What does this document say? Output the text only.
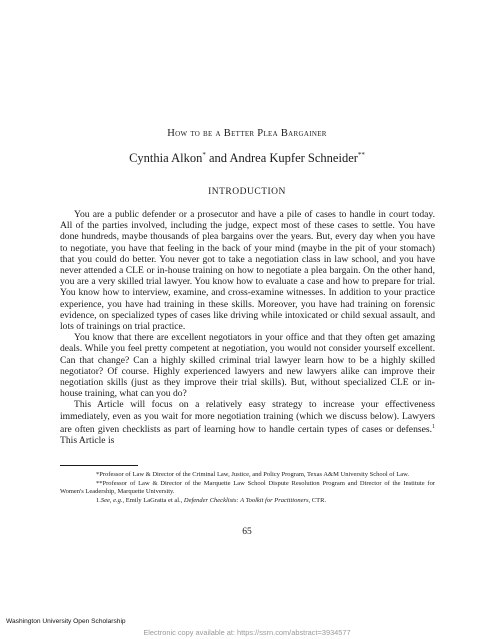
How to be a Better Plea Bargainer
Cynthia Alkon* and Andrea Kupfer Schneider**
INTRODUCTION

You are a public defender or a prosecutor and have a pile of cases to handle in court today. All of the parties involved, including the judge, expect most of these cases to settle. You have done hundreds, maybe thousands of plea bargains over the years. But, every day when you have to negotiate, you have that feeling in the back of your mind (maybe in the pit of your stomach) that you could do better. You never got to take a negotiation class in law school, and you have never attended a CLE or in-house training on how to negotiate a plea bargain. On the other hand, you are a very skilled trial lawyer. You know how to evaluate a case and how to prepare for trial. You know how to interview, examine, and cross-examine witnesses. In addition to your practice experience, you have had training in these skills. Moreover, you have had training on forensic evidence, on specialized types of cases like driving while intoxicated or child sexual assault, and lots of trainings on trial practice.

You know that there are excellent negotiators in your office and that they often get amazing deals. While you feel pretty competent at negotiation, you would not consider yourself excellent. Can that change? Can a highly skilled criminal trial lawyer learn how to be a highly skilled negotiator? Of course. Highly experienced lawyers and new lawyers alike can improve their negotiation skills (just as they improve their trial skills). But, without specialized CLE or in-house training, what can you do?

This Article will focus on a relatively easy strategy to increase your effectiveness immediately, even as you wait for more negotiation training (which we discuss below). Lawyers are often given checklists as part of learning how to handle certain types of cases or defenses.$^1$ This Article is

*Professor of Law & Director of the Criminal Law, Justice, and Policy Program, Texas A&M University School of Law.

**Professor of Law & Director of the Marquette Law School Dispute Resolution Program and Director of the Institute for Women's Leadership, Marquette University.

1.See, e.g., Emily LaGratta et al., Defender Checklists: A Toolkit for Practitioners, CTR.

65
Washington University Open Scholarship
Electronic copy available at: https://ssrn.com/abstract=3934577
